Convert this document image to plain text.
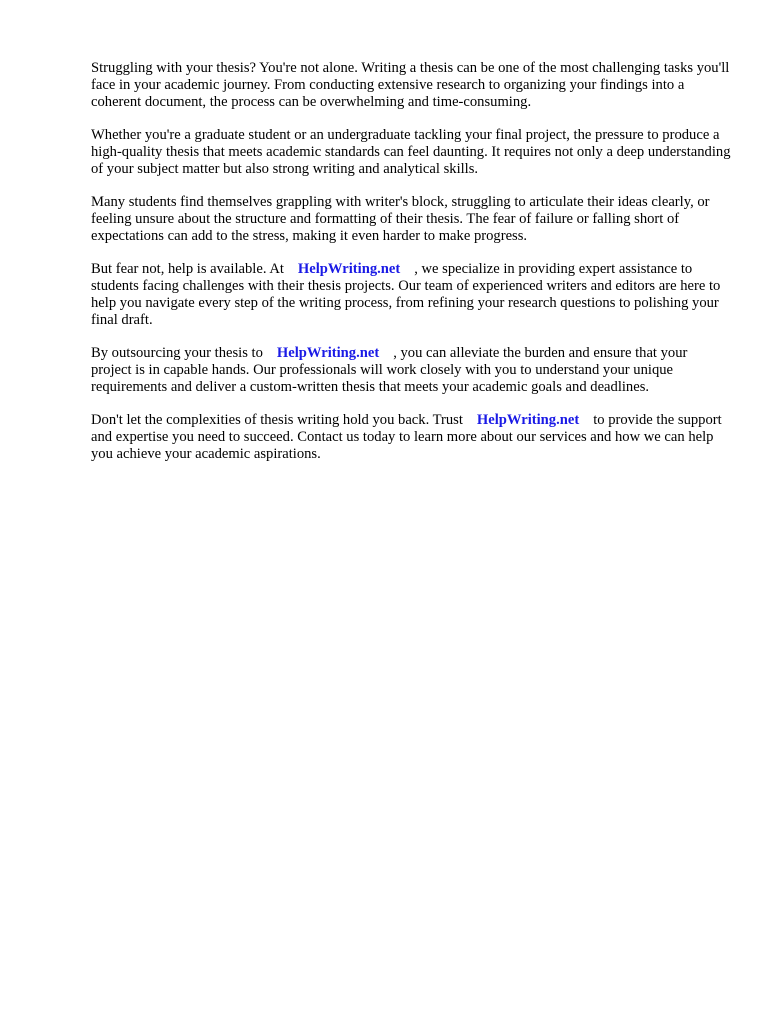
Struggling with your thesis? You're not alone. Writing a thesis can be one of the most challenging tasks you'll face in your academic journey. From conducting extensive research to organizing your findings into a coherent document, the process can be overwhelming and time-consuming.

Whether you're a graduate student or an undergraduate tackling your final project, the pressure to produce a high-quality thesis that meets academic standards can feel daunting. It requires not only a deep understanding of your subject matter but also strong writing and analytical skills.

Many students find themselves grappling with writer's block, struggling to articulate their ideas clearly, or feeling unsure about the structure and formatting of their thesis. The fear of failure or falling short of expectations can add to the stress, making it even harder to make progress.

But fear not, help is available. At HelpWriting.net , we specialize in providing expert assistance to students facing challenges with their thesis projects. Our team of experienced writers and editors are here to help you navigate every step of the writing process, from refining your research questions to polishing your final draft.

By outsourcing your thesis to HelpWriting.net , you can alleviate the burden and ensure that your project is in capable hands. Our professionals will work closely with you to understand your unique requirements and deliver a custom-written thesis that meets your academic goals and deadlines.

Don't let the complexities of thesis writing hold you back. Trust HelpWriting.net to provide the support and expertise you need to succeed. Contact us today to learn more about our services and how we can help you achieve your academic aspirations.
